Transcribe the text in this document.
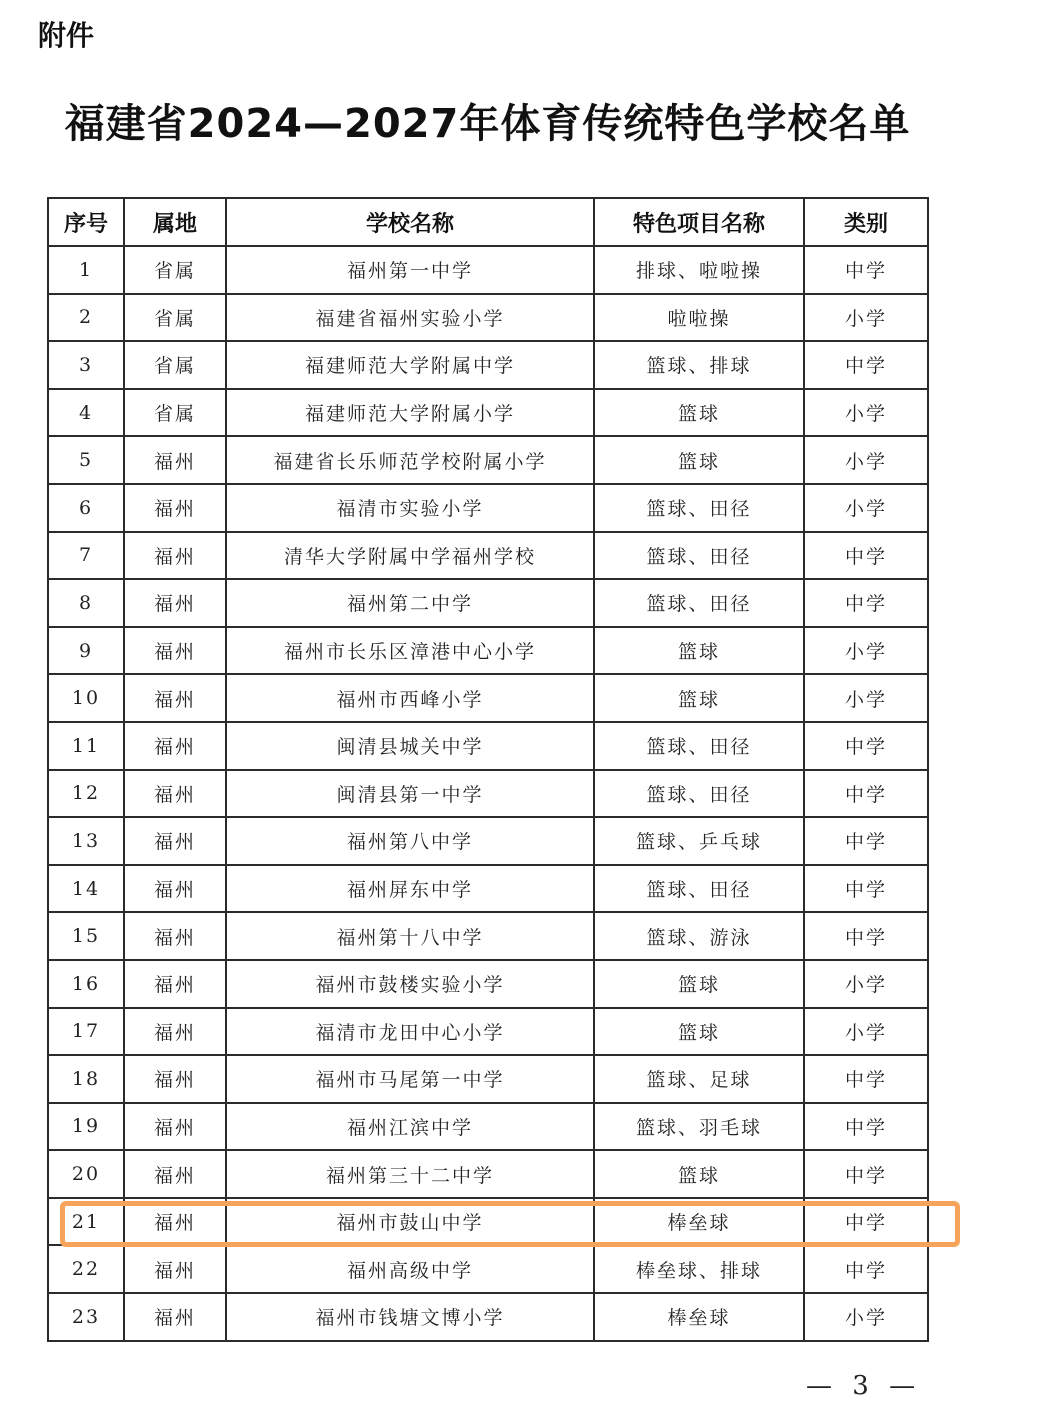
附件
福建省2024—2027年体育传统特色学校名单
序号	属地	学校名称	特色项目名称	类别
1	省属	福州第一中学	排球、啦啦操	中学
2	省属	福建省福州实验小学	啦啦操	小学
3	省属	福建师范大学附属中学	篮球、排球	中学
4	省属	福建师范大学附属小学	篮球	小学
5	福州	福建省长乐师范学校附属小学	篮球	小学
6	福州	福清市实验小学	篮球、田径	小学
7	福州	清华大学附属中学福州学校	篮球、田径	中学
8	福州	福州第二中学	篮球、田径	中学
9	福州	福州市长乐区漳港中心小学	篮球	小学
10	福州	福州市西峰小学	篮球	小学
11	福州	闽清县城关中学	篮球、田径	中学
12	福州	闽清县第一中学	篮球、田径	中学
13	福州	福州第八中学	篮球、乒乓球	中学
14	福州	福州屏东中学	篮球、田径	中学
15	福州	福州第十八中学	篮球、游泳	中学
16	福州	福州市鼓楼实验小学	篮球	小学
17	福州	福清市龙田中心小学	篮球	小学
18	福州	福州市马尾第一中学	篮球、足球	中学
19	福州	福州江滨中学	篮球、羽毛球	中学
20	福州	福州第三十二中学	篮球	中学
21	福州	福州市鼓山中学	棒垒球	中学
22	福州	福州高级中学	棒垒球、排球	中学
23	福州	福州市钱塘文博小学	棒垒球	小学
— 3 —
